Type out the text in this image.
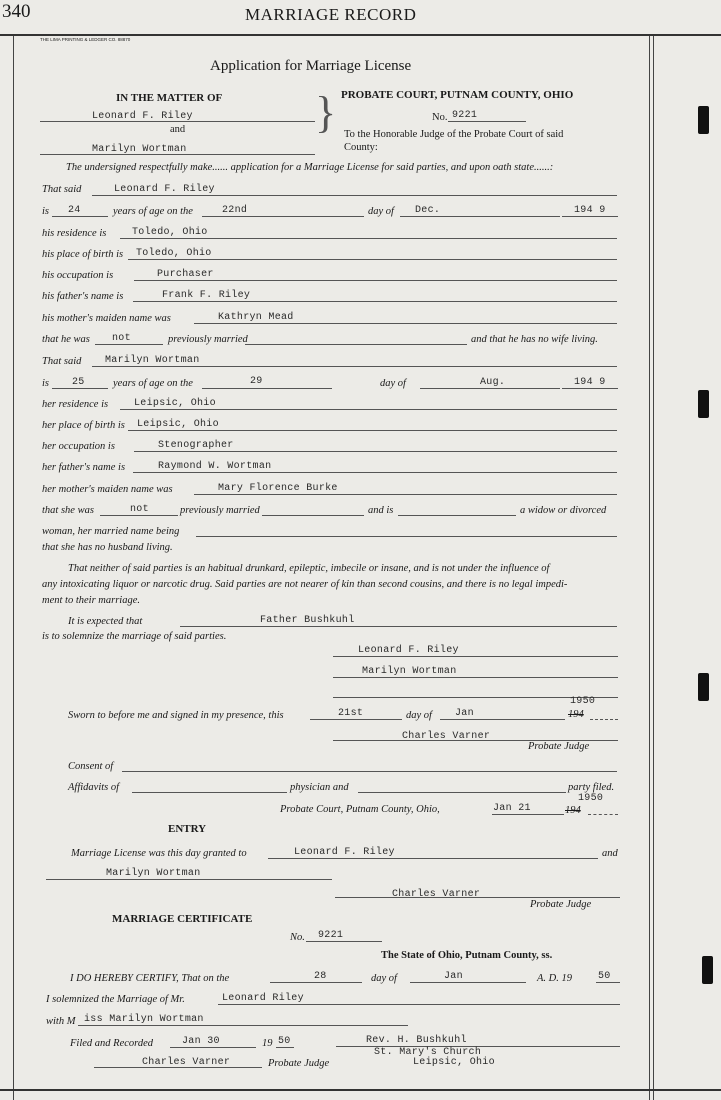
340	MARRIAGE RECORD
THE LIMA PRINTING & LEDGER CO. 88870
Application for Marriage License
IN THE MATTER OF
Leonard F. Riley
and
Marilyn Wortman
} PROBATE COURT, PUTNAM COUNTY, OHIO
No. 9221
To the Honorable Judge of the Probate Court of said
County:
The undersigned respectfully make...... application for a Marriage License for said parties, and upon oath state......:
That said	Leonard F. Riley
is 24	years of age on the	22nd	day of Dec.	194 9
his residence is	Toledo, Ohio
his place of birth is Toledo, Ohio
his occupation is	Purchaser
his father's name is	Frank F. Riley
his mother's maiden name was	Kathryn Mead
that he was not	previously married	and that he has no wife living.
That said Marilyn Wortman
is 25	years of age on the	29	day of	Aug.	194 9
her residence is	Leipsic, Ohio
her place of birth is Leipsic, Ohio
her occupation is	Stenographer
her father's name is	Raymond W. Wortman
her mother's maiden name was	Mary Florence Burke
that she was	not	previously married	and is	a widow or divorced
woman, her married name being
that she has no husband living.
That neither of said parties is an habitual drunkard, epileptic, imbecile or insane, and is not under the influence of
any intoxicating liquor or narcotic drug. Said parties are not nearer of kin than second cousins, and there is no legal impedi-
ment to their marriage.
It is expected that	Father Bushkuhl
is to solemnize the marriage of said parties.
Leonard F. Riley
Marilyn Wortman
Sworn to before me and signed in my presence, this	21st	day of Jan
1950
194
Charles Varner
Probate Judge
Consent of
Affidavits of	physician and	party filed.
Probate Court, Putnam County, Ohio,	Jan 21
1950
194
ENTRY
Marriage License was this day granted to	Leonard F. Riley	and
Marilyn Wortman
Charles Varner
Probate Judge
MARRIAGE CERTIFICATE
No. 9221
The State of Ohio, Putnam County, ss.
I DO HEREBY CERTIFY, That on the	28	day of	Jan	A. D. 19	50
I solemnized the Marriage of Mr.	Leonard Riley
with M iss Marilyn Wortman
Filed and Recorded	Jan 30	19 50	Rev. H. Bushkuhl
St. Mary's Church
Leipsic, Ohio
Charles Varner	Probate Judge
